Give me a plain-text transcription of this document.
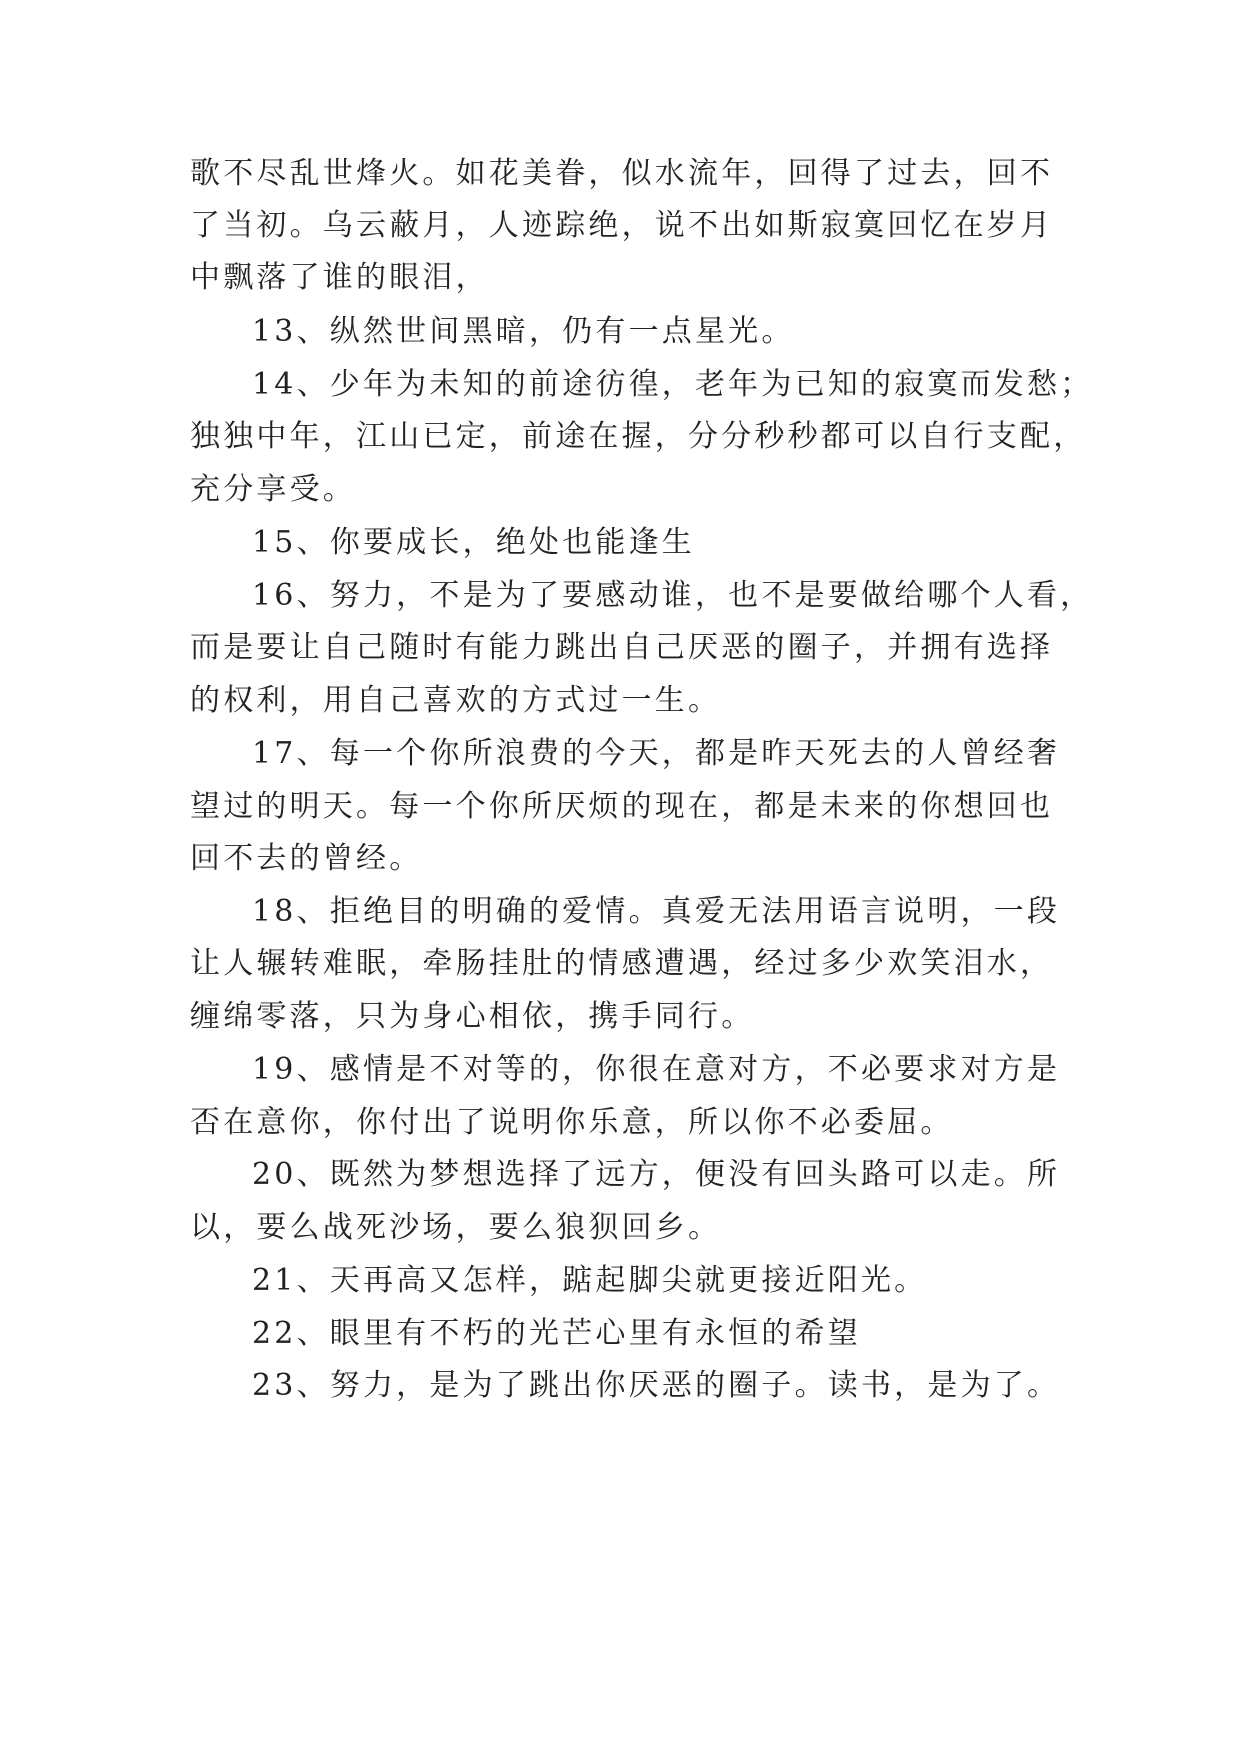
歌不尽乱世烽火。如花美眷，似水流年，回得了过去，回不
了当初。乌云蔽月，人迹踪绝，说不出如斯寂寞回忆在岁月
中飘落了谁的眼泪，
13、纵然世间黑暗，仍有一点星光。
14、少年为未知的前途彷徨，老年为已知的寂寞而发愁；
独独中年，江山已定，前途在握，分分秒秒都可以自行支配，
充分享受。
15、你要成长，绝处也能逢生
16、努力，不是为了要感动谁，也不是要做给哪个人看，
而是要让自己随时有能力跳出自己厌恶的圈子，并拥有选择
的权利，用自己喜欢的方式过一生。
17、每一个你所浪费的今天，都是昨天死去的人曾经奢
望过的明天。每一个你所厌烦的现在，都是未来的你想回也
回不去的曾经。
18、拒绝目的明确的爱情。真爱无法用语言说明，一段
让人辗转难眠，牵肠挂肚的情感遭遇，经过多少欢笑泪水，
缠绵零落，只为身心相依，携手同行。
19、感情是不对等的，你很在意对方，不必要求对方是
否在意你，你付出了说明你乐意，所以你不必委屈。
20、既然为梦想选择了远方，便没有回头路可以走。所
以，要么战死沙场，要么狼狈回乡。
21、天再高又怎样，踮起脚尖就更接近阳光。
22、眼里有不朽的光芒心里有永恒的希望
23、努力，是为了跳出你厌恶的圈子。读书，是为了。
